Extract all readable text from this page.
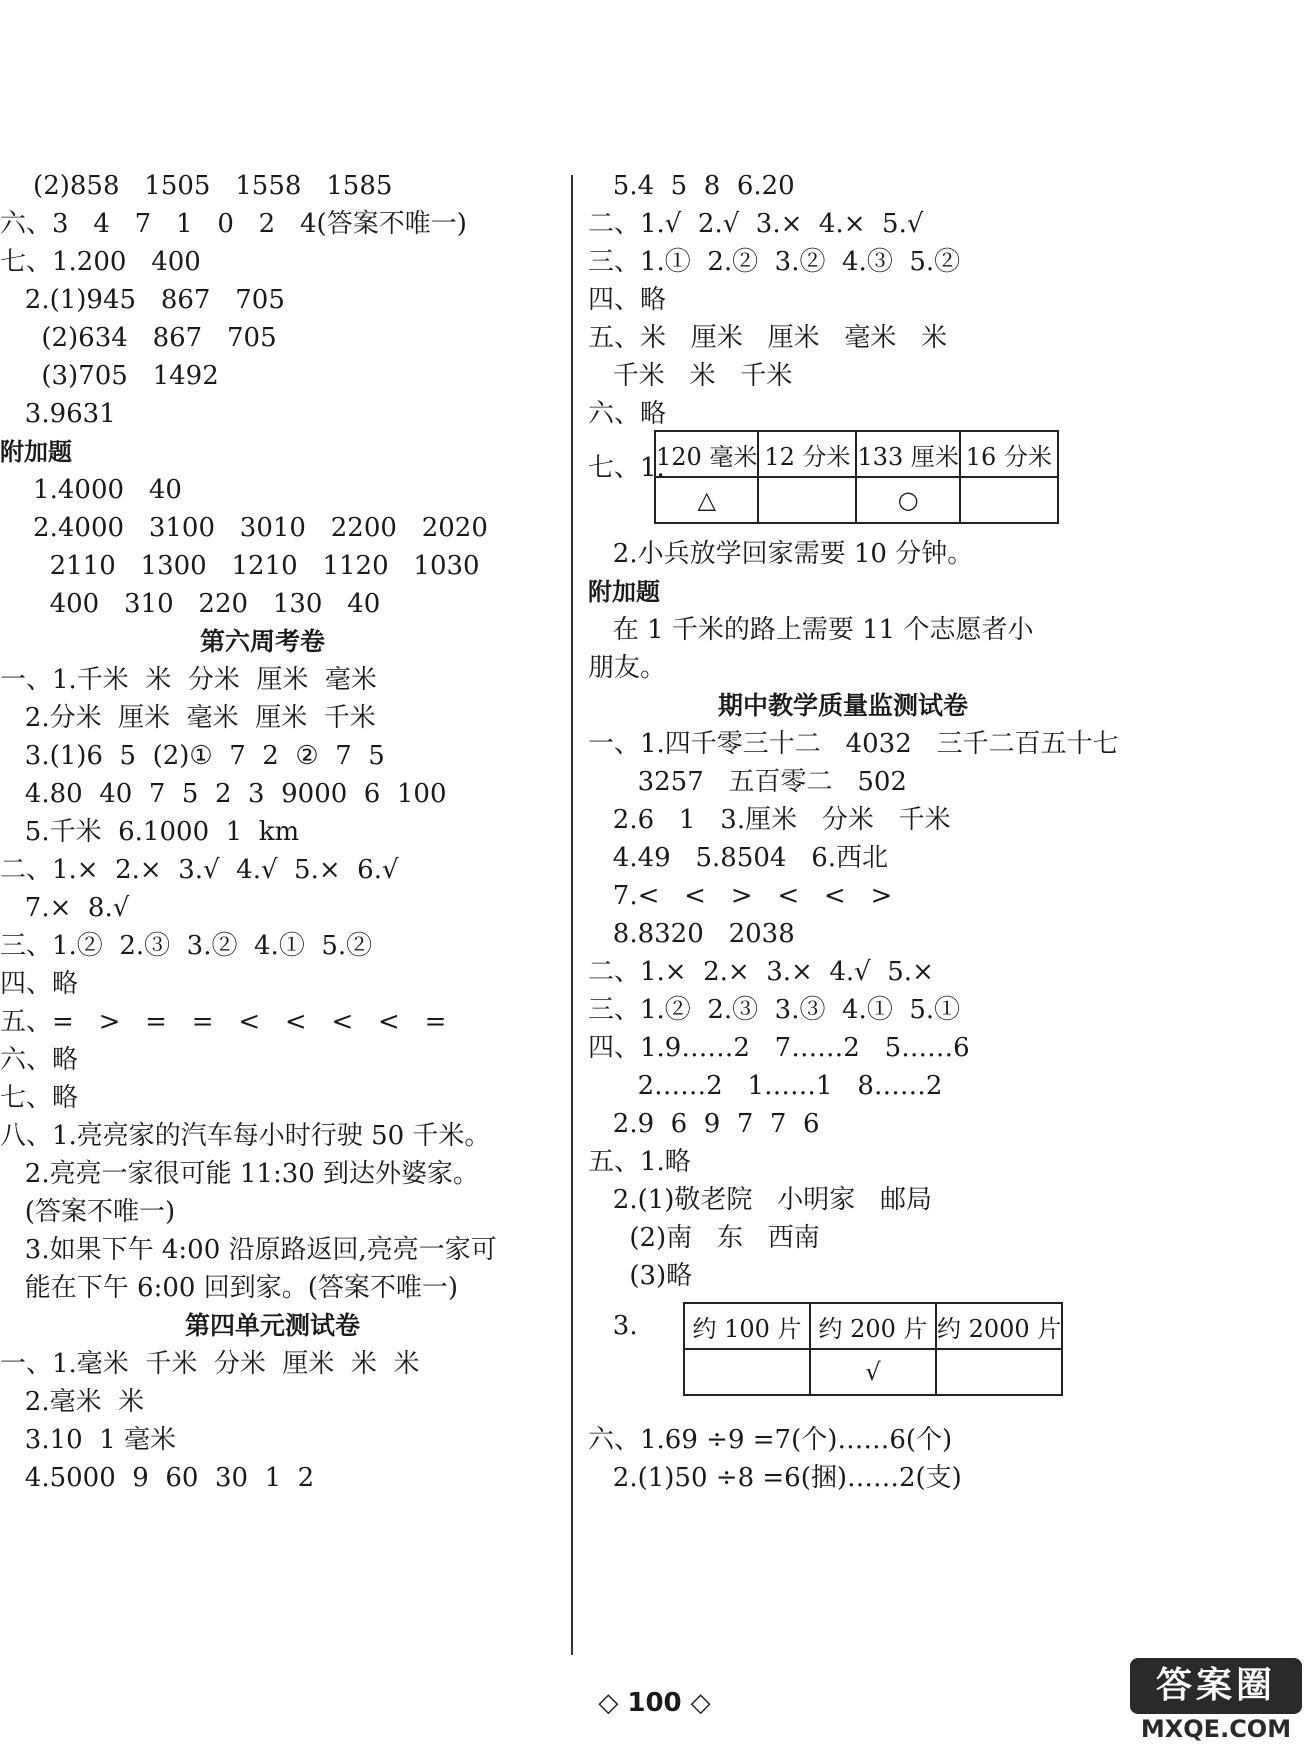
(2)858   1505   1558   1585
六、3   4   7   1   0   2   4(答案不唯一)
七、1.200   400
2.(1)945   867   705
(2)634   867   705
(3)705   1492
3.9631
附加题
1.4000   40
2.4000   3100   3010   2200   2020
2110   1300   1210   1120   1030
400   310   220   130   40
第六周考卷
一、1.千米  米  分米  厘米  毫米
2.分米  厘米  毫米  厘米  千米
3.(1)6  5  (2)①  7  2  ②  7  5
4.80  40  7  5  2  3  9000  6  100
5.千米  6.1000  1  km
二、1.×  2.×  3.√  4.√  5.×  6.√
7.×  8.√
三、1.②  2.③  3.②  4.①  5.②
四、略
五、=   >   =   =   <   <   <   <   =
六、略
七、略
八、1.亮亮家的汽车每小时行驶 50 千米。
2.亮亮一家很可能 11:30 到达外婆家。
(答案不唯一)
3.如果下午 4:00 沿原路返回,亮亮一家可
能在下午 6:00 回到家。(答案不唯一)
第四单元测试卷
一、1.毫米  千米  分米  厘米  米  米
2.毫米  米
3.10  1 毫米
4.5000  9  60  30  1  2
5.4  5  8  6.20
二、1.√  2.√  3.×  4.×  5.√
三、1.①  2.②  3.②  4.③  5.②
四、略
五、米   厘米   厘米   毫米   米
千米   米   千米
六、略
七、1.
120 毫米	12 分米	133 厘米	16 分米
△		○	
2.小兵放学回家需要 10 分钟。
附加题
在 1 千米的路上需要 11 个志愿者小
朋友。
期中教学质量监测试卷
一、1.四千零三十二   4032   三千二百五十七
3257   五百零二   502
2.6   1   3.厘米   分米   千米
4.49   5.8504   6.西北
7.<   <   >   <   <   >
8.8320   2038
二、1.×  2.×  3.×  4.√  5.×
三、1.②  2.③  3.③  4.①  5.①
四、1.9……2   7……2   5……6
2……2   1……1   8……2
2.9  6  9  7  7  6
五、1.略
2.(1)敬老院   小明家   邮局
(2)南   东   西南
(3)略
3. 约 100 片	约 200 片	约 2000 片
	√	
六、1.69 ÷9 =7(个)……6(个)
2.(1)50 ÷8 =6(捆)……2(支)
◇ 100 ◇	答案圈
MXQE.COM
